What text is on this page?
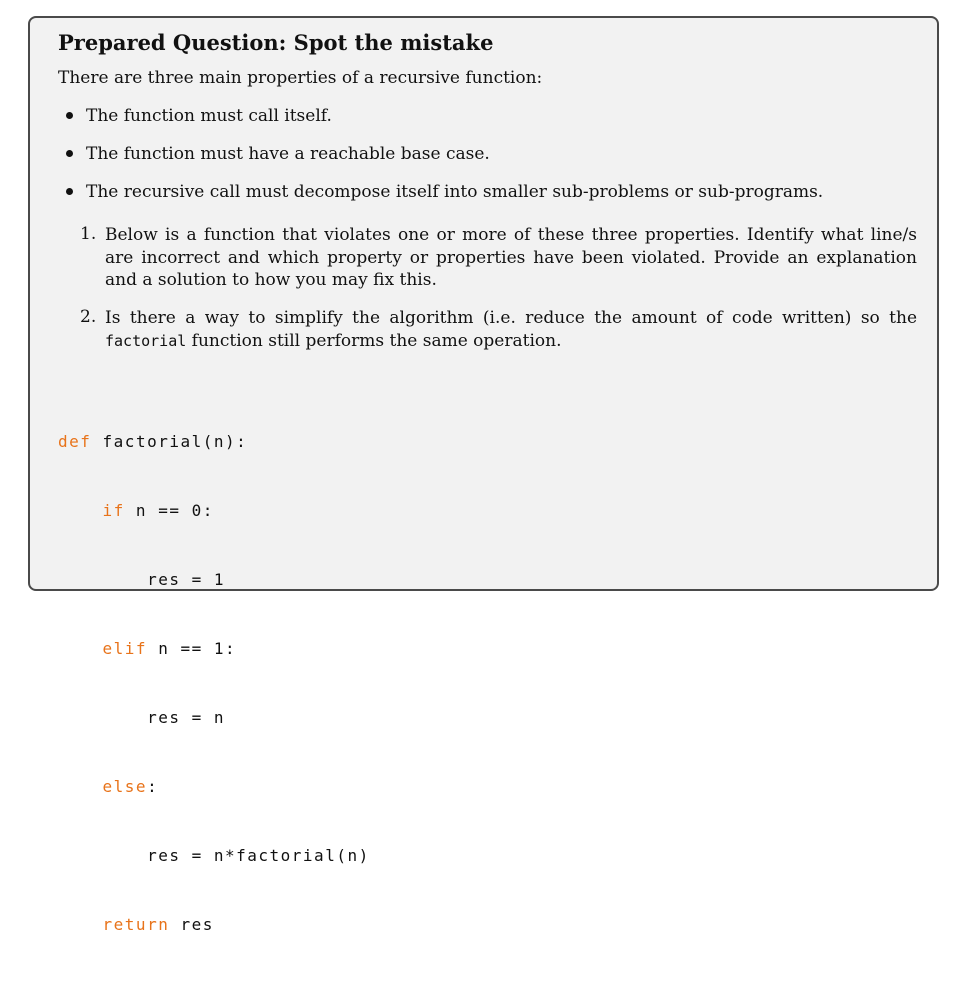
Prepared Question: Spot the mistake
There are three main properties of a recursive function:
The function must call itself.
The function must have a reachable base case.
The recursive call must decompose itself into smaller sub-problems or sub-programs.
1. Below is a function that violates one or more of these three properties. Identify what line/s are incorrect and which property or properties have been violated. Provide an explanation and a solution to how you may fix this.
2. Is there a way to simplify the algorithm (i.e. reduce the amount of code written) so the factorial function still performs the same operation.

def factorial(n):

if n == 0:

res = 1

elif n == 1:

res = n

else:

res = n*factorial(n)

return res
